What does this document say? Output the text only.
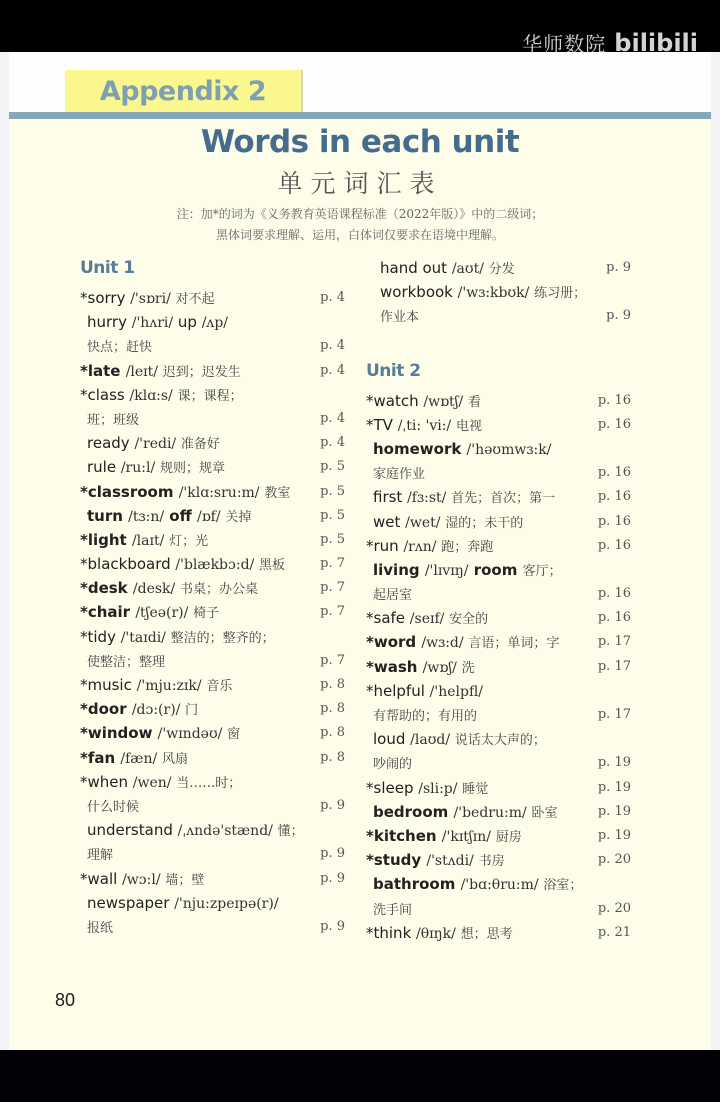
华师数院 bilibili
Appendix 2
Words in each unit
单元词汇表
注：加*的词为《义务教育英语课程标准（2022年版）》中的二级词；
黑体词要求理解、运用，白体词仅要求在语境中理解。
Unit 1
*sorry /'sɒri/ 对不起	p. 4
hurry /'hʌri/ up /ʌp/
快点；赶快	p. 4
*late /leɪt/ 迟到；迟发生	p. 4
*class /klɑ:s/ 课；课程；
班；班级	p. 4
ready /'redi/ 准备好	p. 4
rule /ru:l/ 规则；规章	p. 5
*classroom /'klɑ:sru:m/ 教室 p. 5
turn /tɜ:n/ off /ɒf/ 关掉	p. 5
*light /laɪt/ 灯；光	p. 5
*blackboard /'blækbɔ:d/ 黑板	p. 7
*desk /desk/ 书桌；办公桌	p. 7
*chair /tʃeə(r)/ 椅子	p. 7
*tidy /'taɪdi/ 整洁的；整齐的；
使整洁；整理	p. 7
*music /'mju:zɪk/ 音乐	p. 8
*door /dɔ:(r)/ 门	p. 8
*window /'wɪndəʊ/ 窗	p. 8
*fan /fæn/ 风扇	p. 8
*when /wen/ 当……时；
什么时候	p. 9
understand /ˌʌndə'stænd/ 懂；
理解	p. 9
*wall /wɔ:l/ 墙；壁	p. 9
newspaper /'nju:zpeɪpə(r)/
报纸	p. 9
hand out /aʊt/ 分发	p. 9
workbook /'wɜ:kbʊk/ 练习册；
作业本	p. 9
Unit 2
*watch /wɒtʃ/ 看	p. 16
*TV /ˌti: 'vi:/ 电视	p. 16
homework /'həʊmwɜ:k/
家庭作业	p. 16
first /fɜ:st/ 首先；首次；第一	p. 16
wet /wet/ 湿的；未干的	p. 16
*run /rʌn/ 跑；奔跑	p. 16
living /'lɪvɪŋ/ room 客厅；
起居室	p. 16
*safe /seɪf/ 安全的	p. 16
*word /wɜ:d/ 言语；单词；字	p. 17
*wash /wɒʃ/ 洗	p. 17
*helpful /'helpfl/
有帮助的；有用的	p. 17
loud /laʊd/ 说话太大声的；
吵闹的	p. 19
*sleep /sli:p/ 睡觉	p. 19
bedroom /'bedru:m/ 卧室	p. 19
*kitchen /'kɪtʃɪn/ 厨房	p. 19
*study /'stʌdi/ 书房	p. 20
bathroom /'bɑ:θru:m/ 浴室；
洗手间	p. 20
*think /θɪŋk/ 想；思考	p. 21
80
